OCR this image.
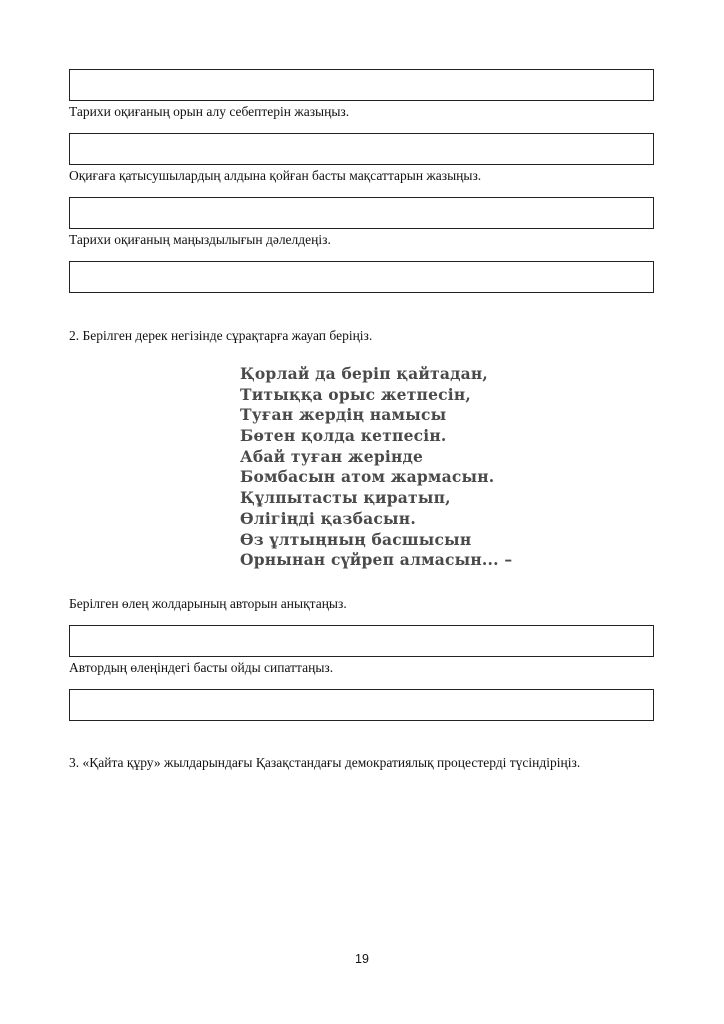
Тарихи оқиғаның орын алу себептерін жазыңыз.
Оқиғаға қатысушылардың алдына қойған басты мақсаттарын жазыңыз.
Тарихи оқиғаның маңыздылығын дәлелдеңіз.
2. Берілген дерек негізінде сұрақтарға жауап беріңіз.
Қорлай да беріп қайтадан,
Титыққа орыс жетпесін,
Туған жердің намысы
Бөтен қолда кетпесін.
Абай туған жерінде
Бомбасын атом жармасын.
Құлпытасты қиратып,
Өлігіңді қазбасын.
Өз ұлтыңның басшысын
Орнынан сүйреп алмасын... –
Берілген өлең жолдарының авторын анықтаңыз.
Автордың өлеңіндегі басты ойды сипаттаңыз.
3. «Қайта құру» жылдарындағы Қазақстандағы демократиялық процестерді түсіндіріңіз.
19
